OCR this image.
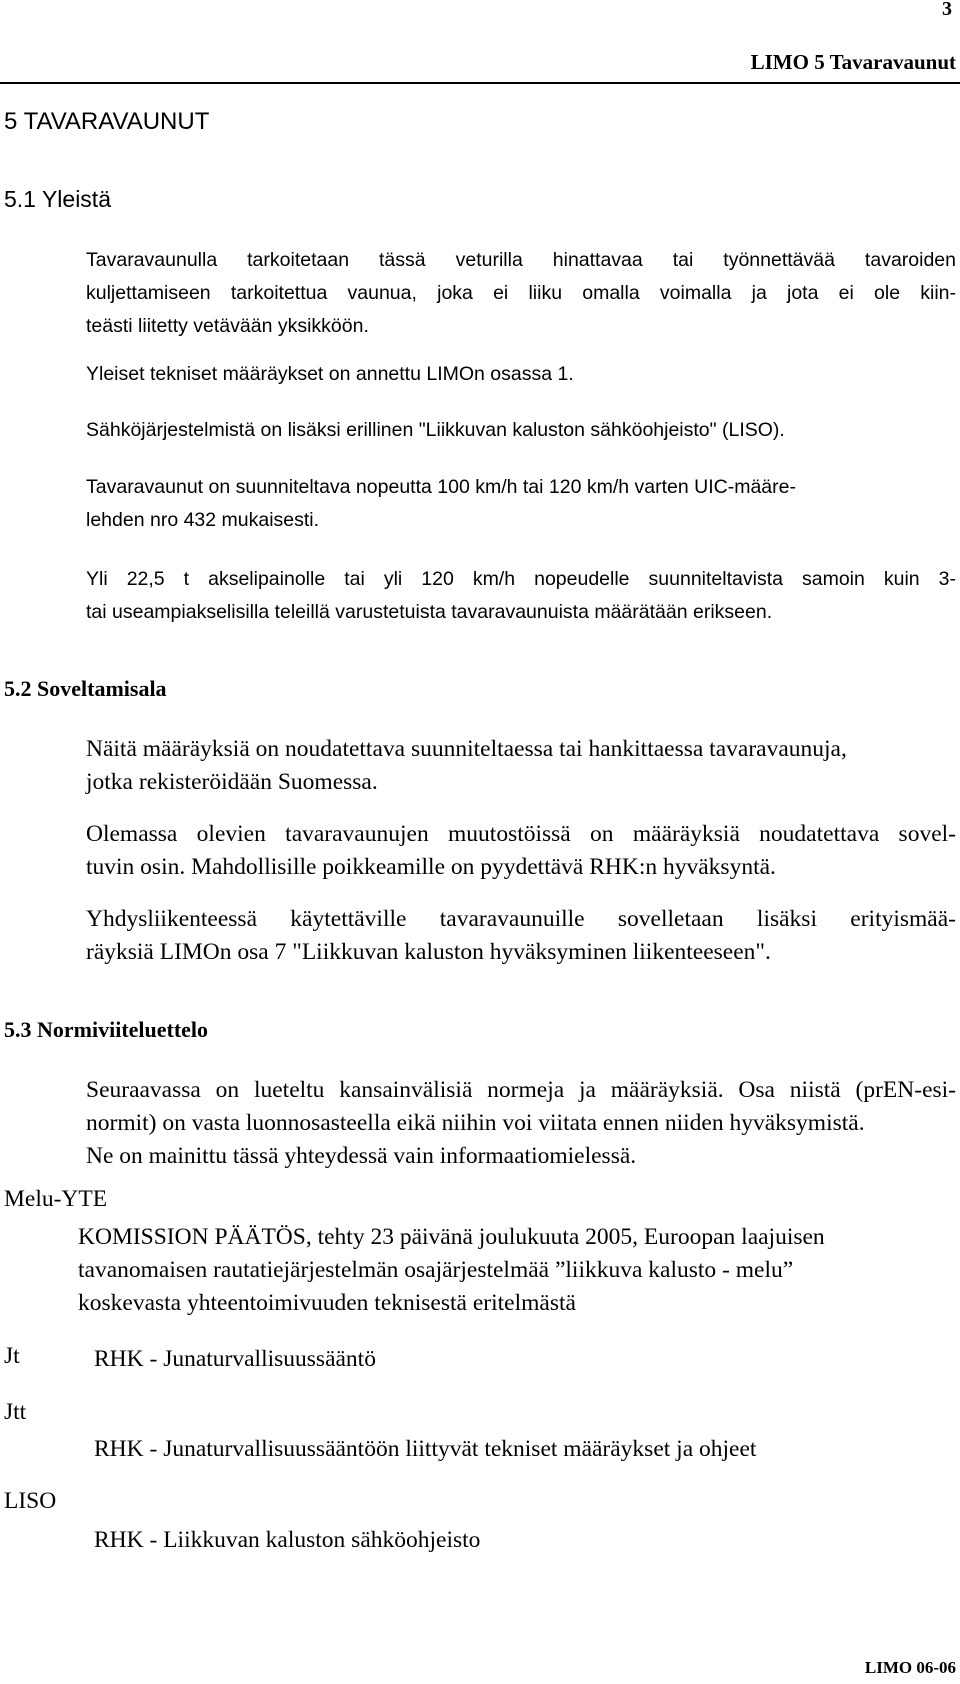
3
LIMO 5 Tavaravaunut
5 TAVARAVAUNUT
5.1 Yleistä
Tavaravaunulla tarkoitetaan tässä veturilla hinattavaa tai työnnettävää tavaroiden
kuljettamiseen tarkoitettua vaunua, joka ei liiku omalla voimalla ja jota ei ole kiin-
teästi liitetty vetävään yksikköön.
Yleiset tekniset määräykset on annettu LIMOn osassa 1.
Sähköjärjestelmistä on lisäksi erillinen "Liikkuvan kaluston sähköohjeisto" (LISO).
Tavaravaunut on suunniteltava nopeutta 100 km/h tai 120 km/h varten UIC-määre-
lehden nro 432 mukaisesti.
Yli 22,5 t akselipainolle tai yli 120 km/h nopeudelle suunniteltavista samoin kuin 3-
tai useampiakselisilla teleillä varustetuista tavaravaunuista määrätään erikseen.
5.2 Soveltamisala
Näitä määräyksiä on noudatettava suunniteltaessa tai hankittaessa tavaravaunuja,
jotka rekisteröidään Suomessa.
Olemassa olevien tavaravaunujen muutostöissä on määräyksiä noudatettava sovel-
tuvin osin. Mahdollisille poikkeamille on pyydettävä RHK:n hyväksyntä.
Yhdysliikenteessä käytettäville tavaravaunuille sovelletaan lisäksi erityismää-
räyksiä LIMOn osa 7 "Liikkuvan kaluston hyväksyminen liikenteeseen".
5.3 Normiviiteluettelo
Seuraavassa on lueteltu kansainvälisiä normeja ja määräyksiä. Osa niistä (prEN-esi-
normit) on vasta luonnosasteella eikä niihin voi viitata ennen niiden hyväksymistä.
Ne on mainittu tässä yhteydessä vain informaatiomielessä.
Melu-YTE
KOMISSION PÄÄTÖS, tehty 23 päivänä joulukuuta 2005, Euroopan laajuisen
tavanomaisen rautatiejärjestelmän osajärjestelmää ”liikkuva kalusto - melu”
koskevasta yhteentoimivuuden teknisestä eritelmästä
Jt	RHK - Junaturvallisuussääntö
Jtt
RHK - Junaturvallisuussääntöön liittyvät tekniset määräykset ja ohjeet
LISO
RHK - Liikkuvan kaluston sähköohjeisto
LIMO 06-06
